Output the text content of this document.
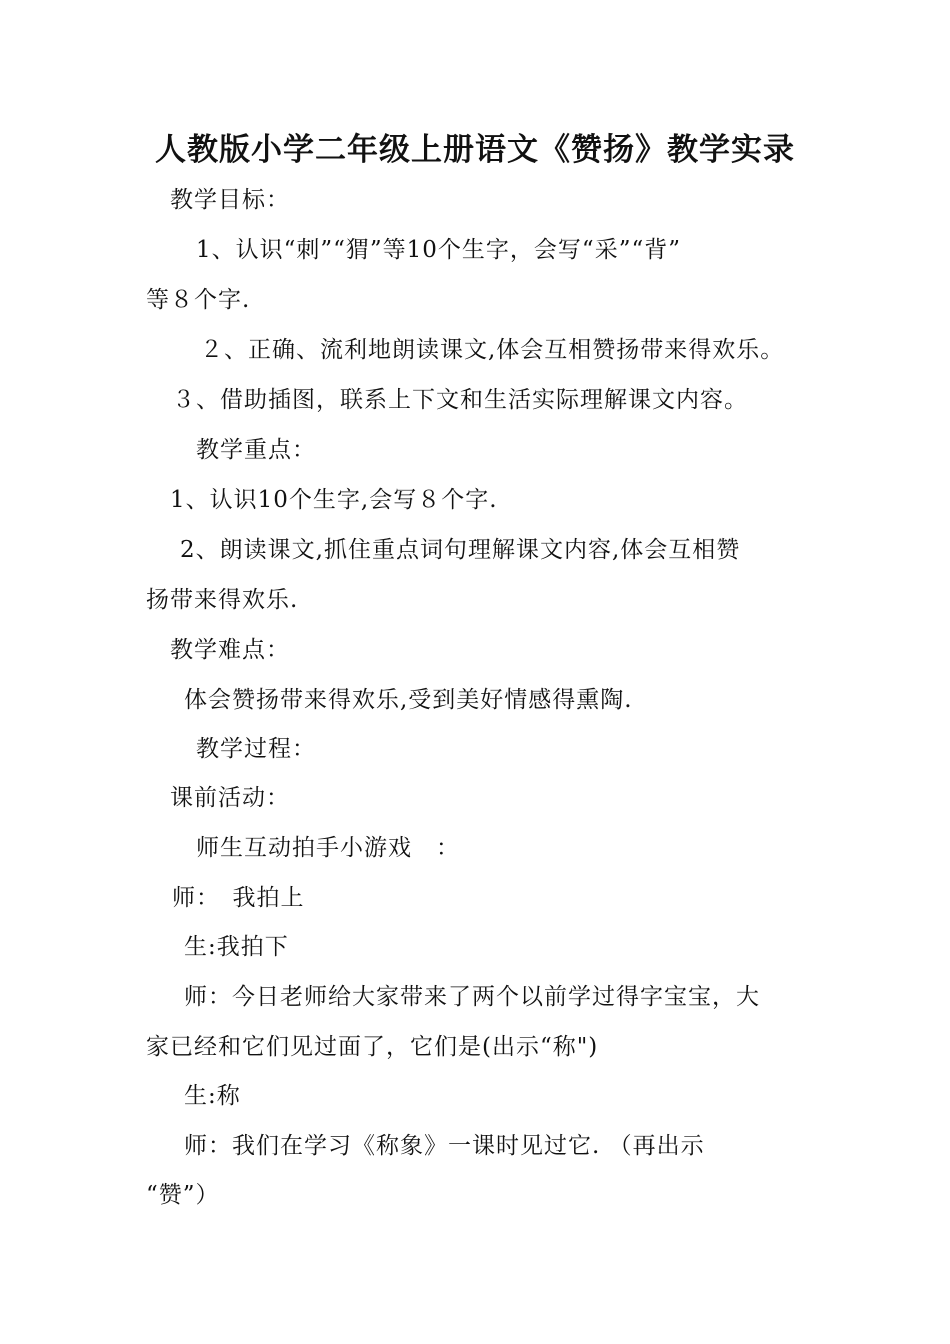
人教版小学二年级上册语文《赞扬》教学实录
教学目标：
1、认识“刺”“猬”等10个生字，会写“采”“背”
等８个字.
２、正确、流利地朗读课文,体会互相赞扬带来得欢乐。
３、借助插图，联系上下文和生活实际理解课文内容。
教学重点：
1、认识10个生字,会写８个字.
2、朗读课文,抓住重点词句理解课文内容,体会互相赞
扬带来得欢乐.
教学难点：
体会赞扬带来得欢乐,受到美好情感得熏陶.
教学过程：
课前活动：
师生互动拍手小游戏　：
师：　我拍上
生:我拍下
师：今日老师给大家带来了两个以前学过得字宝宝，大
家已经和它们见过面了，它们是(出示“称")
生:称
师：我们在学习《称象》一课时见过它. （再出示
“赞”）
